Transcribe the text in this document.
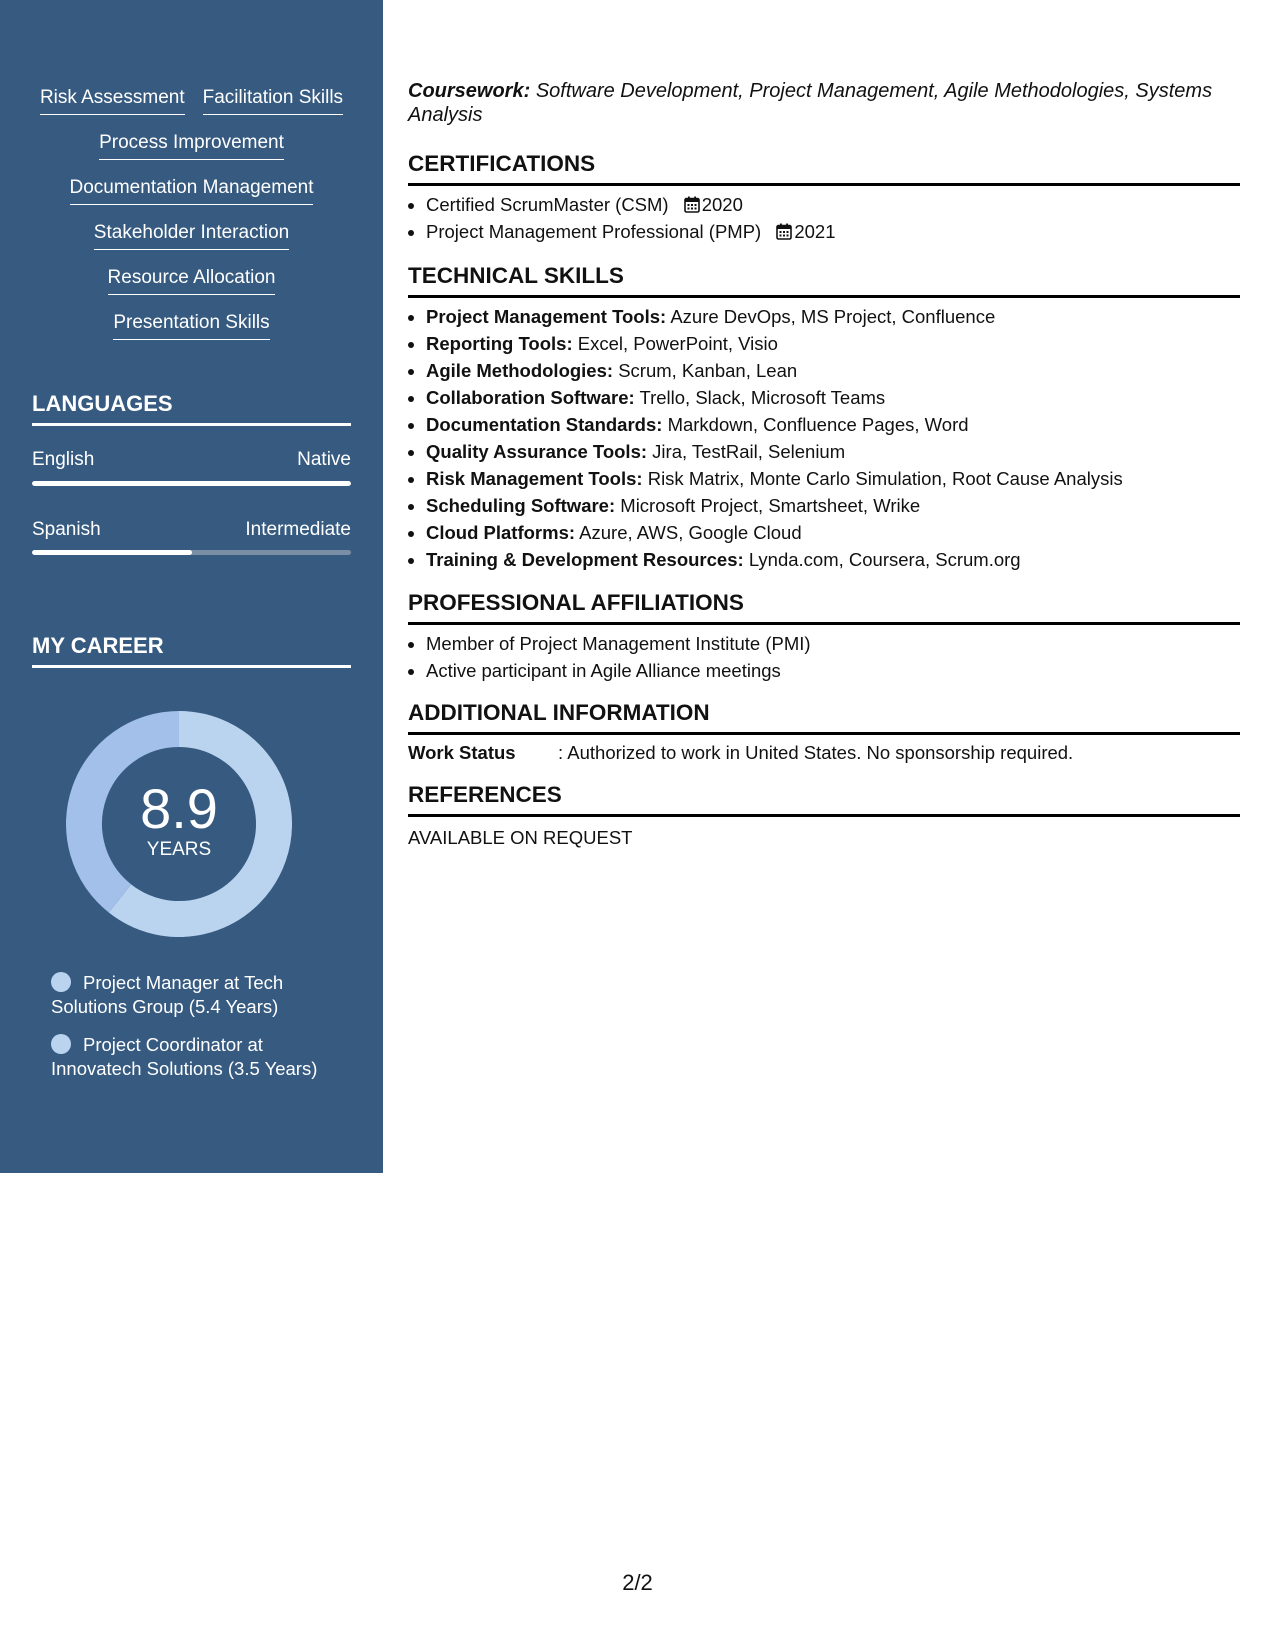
Risk Assessment Facilitation Skills
Process Improvement
Documentation Management
Stakeholder Interaction
Resource Allocation
Presentation Skills
LANGUAGES
English	Native
Spanish	Intermediate
MY CAREER
8.9
YEARS
Project Manager at Tech Solutions Group (5.4 Years)
Project Coordinator at Innovatech Solutions (3.5 Years)
Coursework: Software Development, Project Management, Agile Methodologies, Systems Analysis
CERTIFICATIONS
• Certified ScrumMaster (CSM) 2020
• Project Management Professional (PMP) 2021
TECHNICAL SKILLS
• Project Management Tools: Azure DevOps, MS Project, Confluence
• Reporting Tools: Excel, PowerPoint, Visio
• Agile Methodologies: Scrum, Kanban, Lean
• Collaboration Software: Trello, Slack, Microsoft Teams
• Documentation Standards: Markdown, Confluence Pages, Word
• Quality Assurance Tools: Jira, TestRail, Selenium
• Risk Management Tools: Risk Matrix, Monte Carlo Simulation, Root Cause Analysis
• Scheduling Software: Microsoft Project, Smartsheet, Wrike
• Cloud Platforms: Azure, AWS, Google Cloud
• Training & Development Resources: Lynda.com, Coursera, Scrum.org
PROFESSIONAL AFFILIATIONS
• Member of Project Management Institute (PMI)
• Active participant in Agile Alliance meetings
ADDITIONAL INFORMATION
Work Status : Authorized to work in United States. No sponsorship required.
REFERENCES
AVAILABLE ON REQUEST
2/2
